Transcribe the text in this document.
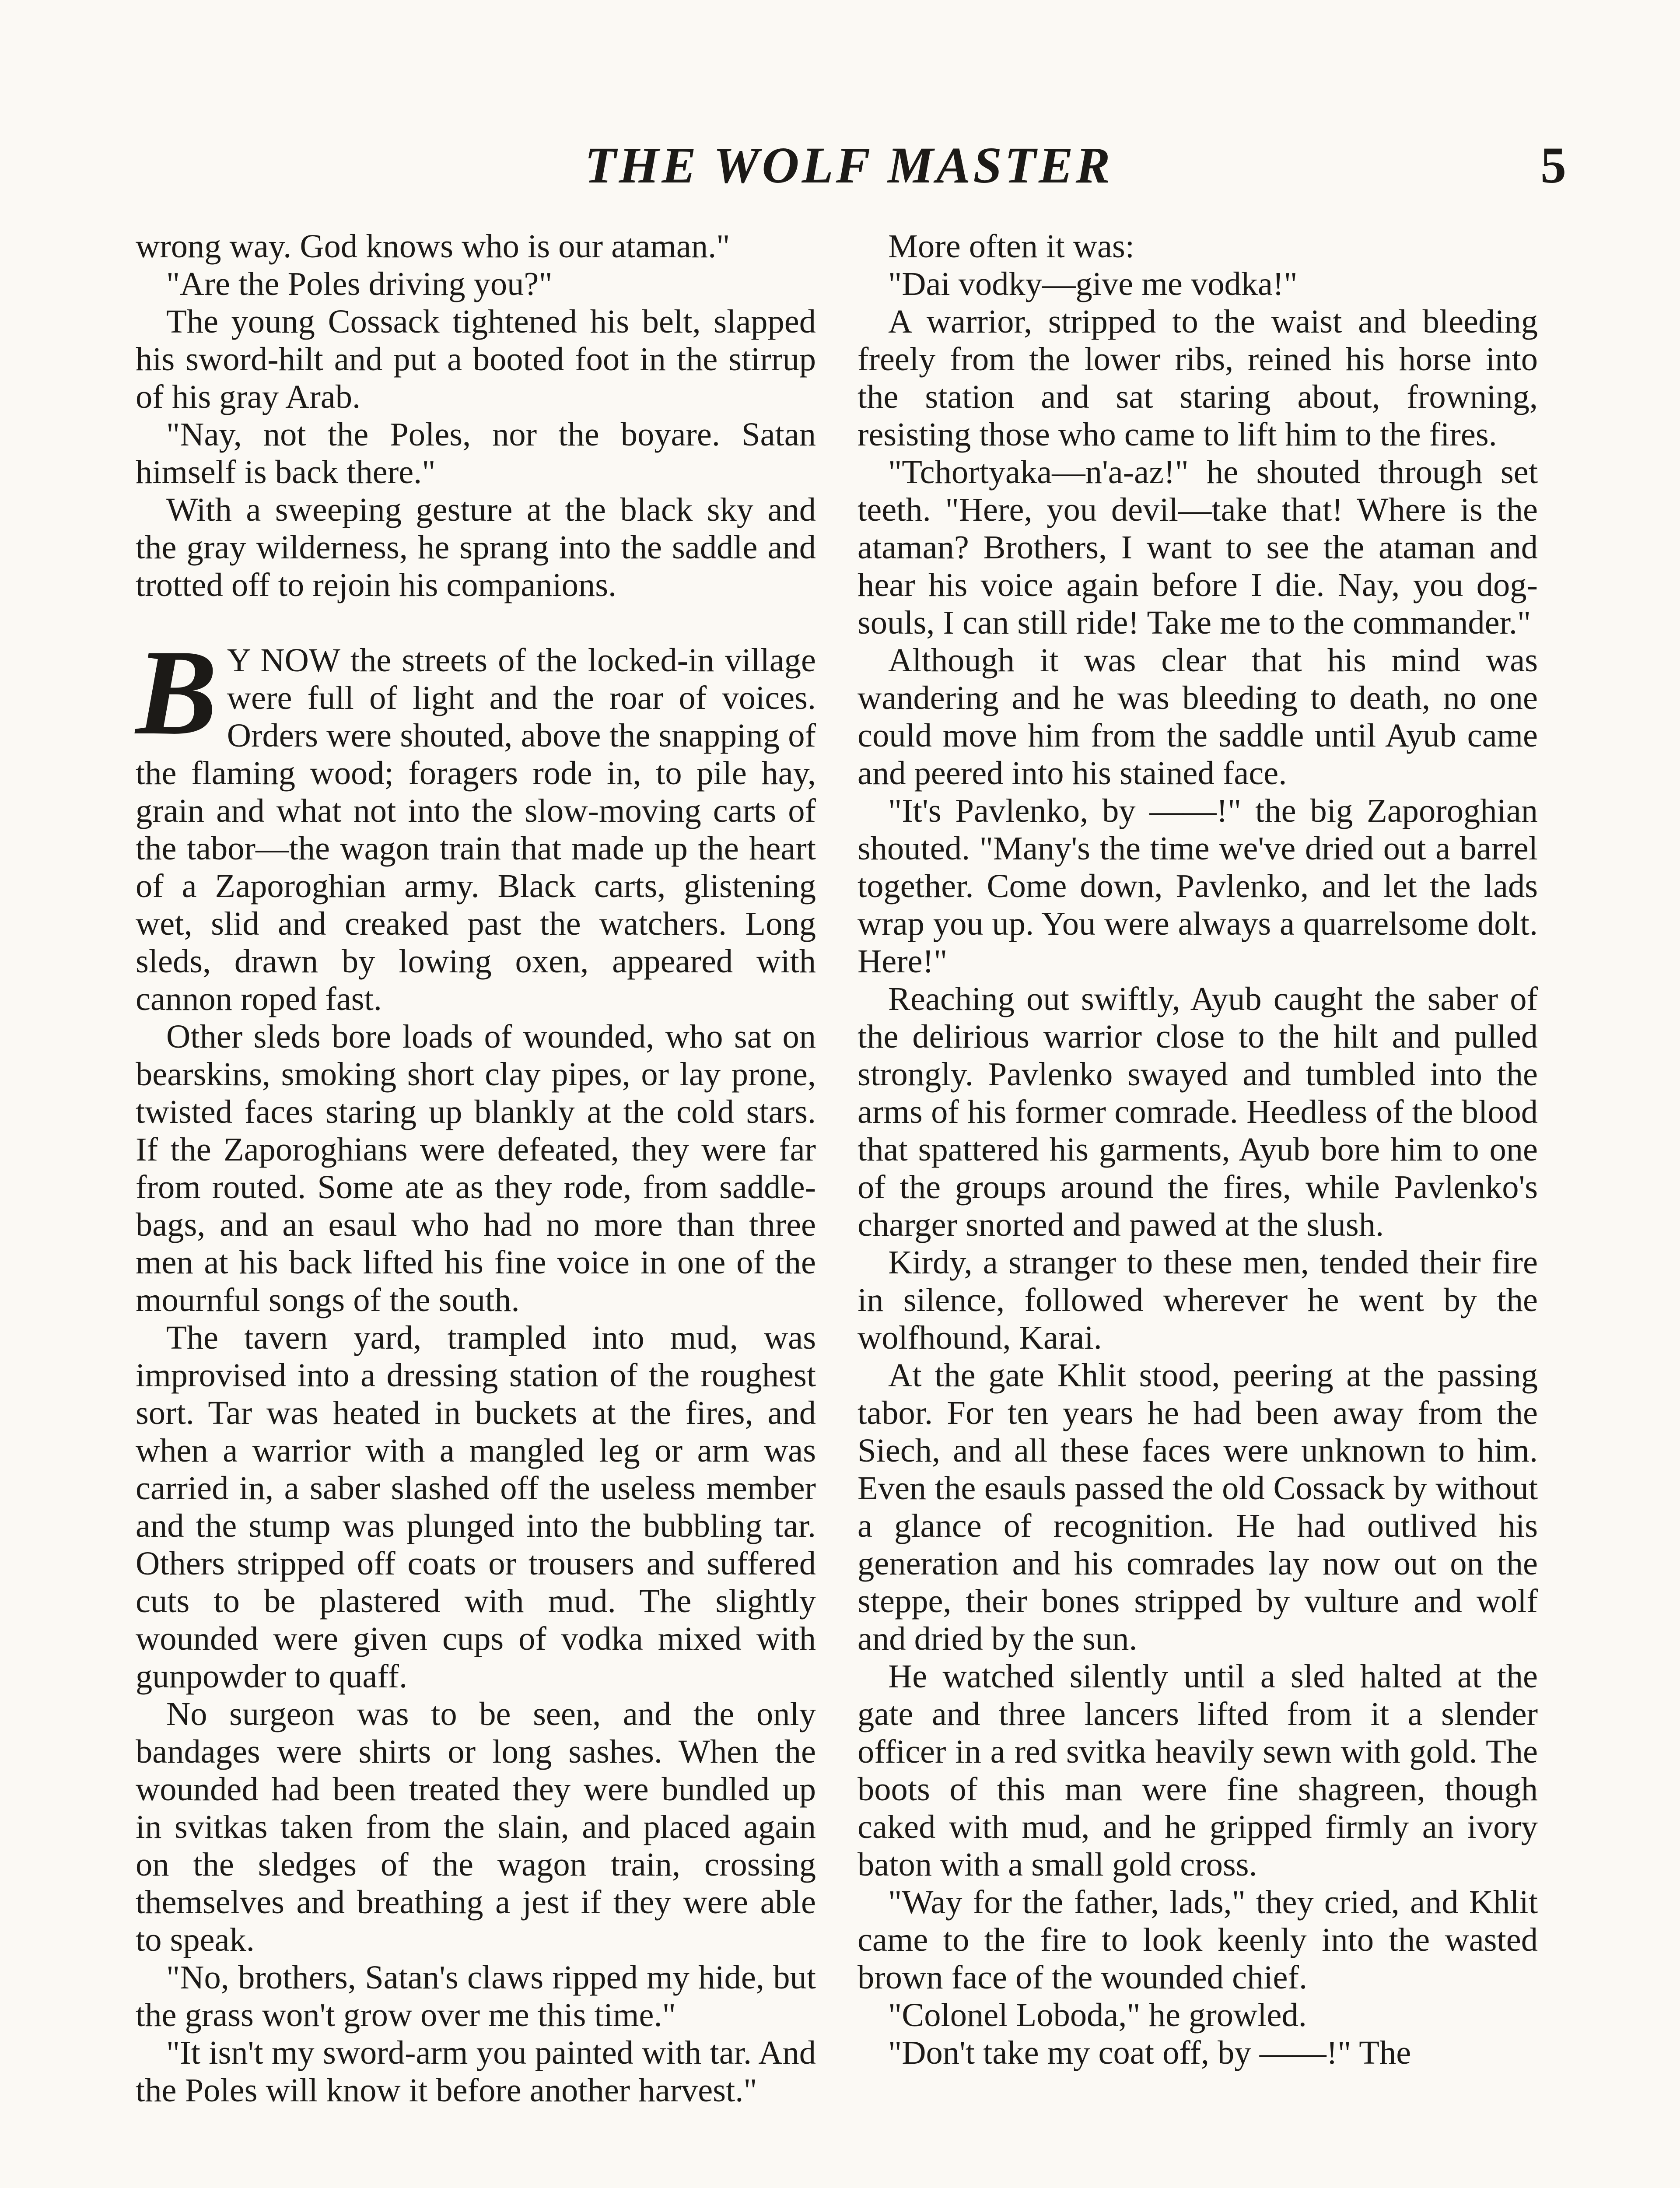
THE WOLF MASTER	5

wrong way. God knows who is our ataman."

"Are the Poles driving you?"

The young Cossack tightened his belt, slapped his sword-hilt and put a booted foot in the stirrup of his gray Arab.

"Nay, not the Poles, nor the boyare. Satan himself is back there."

With a sweeping gesture at the black sky and the gray wilderness, he sprang into the saddle and trotted off to rejoin his companions.

B Y NOW the streets of the locked-in village were full of light and the roar of voices. Orders were shouted, above the snapping of the flaming wood; foragers rode in, to pile hay, grain and what not into the slow-moving carts of the tabor—the wagon train that made up the heart of a Zaporoghian army. Black carts, glistening wet, slid and creaked past the watchers. Long sleds, drawn by lowing oxen, appeared with cannon roped fast.

Other sleds bore loads of wounded, who sat on bearskins, smoking short clay pipes, or lay prone, twisted faces staring up blankly at the cold stars. If the Zaporoghians were defeated, they were far from routed. Some ate as they rode, from saddle-bags, and an esaul who had no more than three men at his back lifted his fine voice in one of the mournful songs of the south.

The tavern yard, trampled into mud, was improvised into a dressing station of the roughest sort. Tar was heated in buckets at the fires, and when a warrior with a mangled leg or arm was carried in, a saber slashed off the useless member and the stump was plunged into the bubbling tar. Others stripped off coats or trousers and suffered cuts to be plastered with mud. The slightly wounded were given cups of vodka mixed with gunpowder to quaff.

No surgeon was to be seen, and the only bandages were shirts or long sashes. When the wounded had been treated they were bundled up in svitkas taken from the slain, and placed again on the sledges of the wagon train, crossing themselves and breathing a jest if they were able to speak.

"No, brothers, Satan's claws ripped my hide, but the grass won't grow over me this time."

"It isn't my sword-arm you painted with tar. And the Poles will know it before another harvest."

More often it was:

"Dai vodky—give me vodka!"

A warrior, stripped to the waist and bleeding freely from the lower ribs, reined his horse into the station and sat staring about, frowning, resisting those who came to lift him to the fires.

"Tchortyaka—n'a-az!" he shouted through set teeth. "Here, you devil—take that! Where is the ataman? Brothers, I want to see the ataman and hear his voice again before I die. Nay, you dog-souls, I can still ride! Take me to the commander."

Although it was clear that his mind was wandering and he was bleeding to death, no one could move him from the saddle until Ayub came and peered into his stained face.

"It's Pavlenko, by ——!" the big Zaporoghian shouted. "Many's the time we've dried out a barrel together. Come down, Pavlenko, and let the lads wrap you up. You were always a quarrelsome dolt. Here!"

Reaching out swiftly, Ayub caught the saber of the delirious warrior close to the hilt and pulled strongly. Pavlenko swayed and tumbled into the arms of his former comrade. Heedless of the blood that spattered his garments, Ayub bore him to one of the groups around the fires, while Pavlenko's charger snorted and pawed at the slush.

Kirdy, a stranger to these men, tended their fire in silence, followed wherever he went by the wolfhound, Karai.

At the gate Khlit stood, peering at the passing tabor. For ten years he had been away from the Siech, and all these faces were unknown to him. Even the esauls passed the old Cossack by without a glance of recognition. He had outlived his generation and his comrades lay now out on the steppe, their bones stripped by vulture and wolf and dried by the sun.

He watched silently until a sled halted at the gate and three lancers lifted from it a slender officer in a red svitka heavily sewn with gold. The boots of this man were fine shagreen, though caked with mud, and he gripped firmly an ivory baton with a small gold cross.

"Way for the father, lads," they cried, and Khlit came to the fire to look keenly into the wasted brown face of the wounded chief.

"Colonel Loboda," he growled.

"Don't take my coat off, by ——!" The
